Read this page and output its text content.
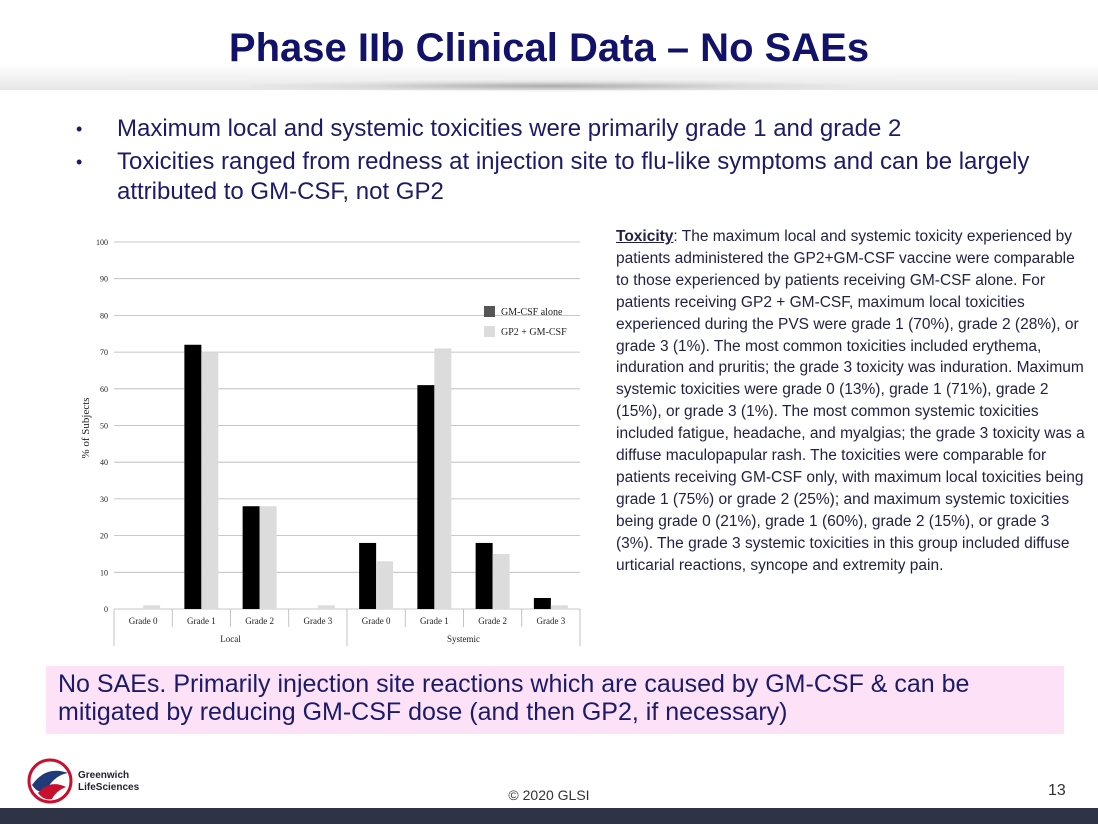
Phase IIb Clinical Data – No SAEs
•	Maximum local and systemic toxicities were primarily grade 1 and grade 2
•	Toxicities ranged from redness at injection site to flu-like symptoms and can be largely attributed to GM-CSF, not GP2
0
10
20
30
40
50
60
70
80
90
100
Grade 0	Grade 1	Grade 2	Grade 3	Grade 0	Grade 1	Grade 2	Grade 3
Local	Systemic
% of Subjects
GM-CSF alone
GP2 + GM-CSF
Toxicity: The maximum local and systemic toxicity experienced by patients administered the GP2+GM-CSF vaccine were comparable to those experienced by patients receiving GM-CSF alone. For patients receiving GP2 + GM-CSF, maximum local toxicities experienced during the PVS were grade 1 (70%), grade 2 (28%), or grade 3 (1%). The most common toxicities included erythema, induration and pruritis; the grade 3 toxicity was induration. Maximum systemic toxicities were grade 0 (13%), grade 1 (71%), grade 2 (15%), or grade 3 (1%). The most common systemic toxicities included fatigue, headache, and myalgias; the grade 3 toxicity was a diffuse maculopapular rash. The toxicities were comparable for patients receiving GM-CSF only, with maximum local toxicities being grade 1 (75%) or grade 2 (25%); and maximum systemic toxicities being grade 0 (21%), grade 1 (60%), grade 2 (15%), or grade 3 (3%). The grade 3 systemic toxicities in this group included diffuse urticarial reactions, syncope and extremity pain.
No SAEs. Primarily injection site reactions which are caused by GM-CSF & can be mitigated by reducing GM-CSF dose (and then GP2, if necessary)
Greenwich
LifeSciences	© 2020 GLSI	13
